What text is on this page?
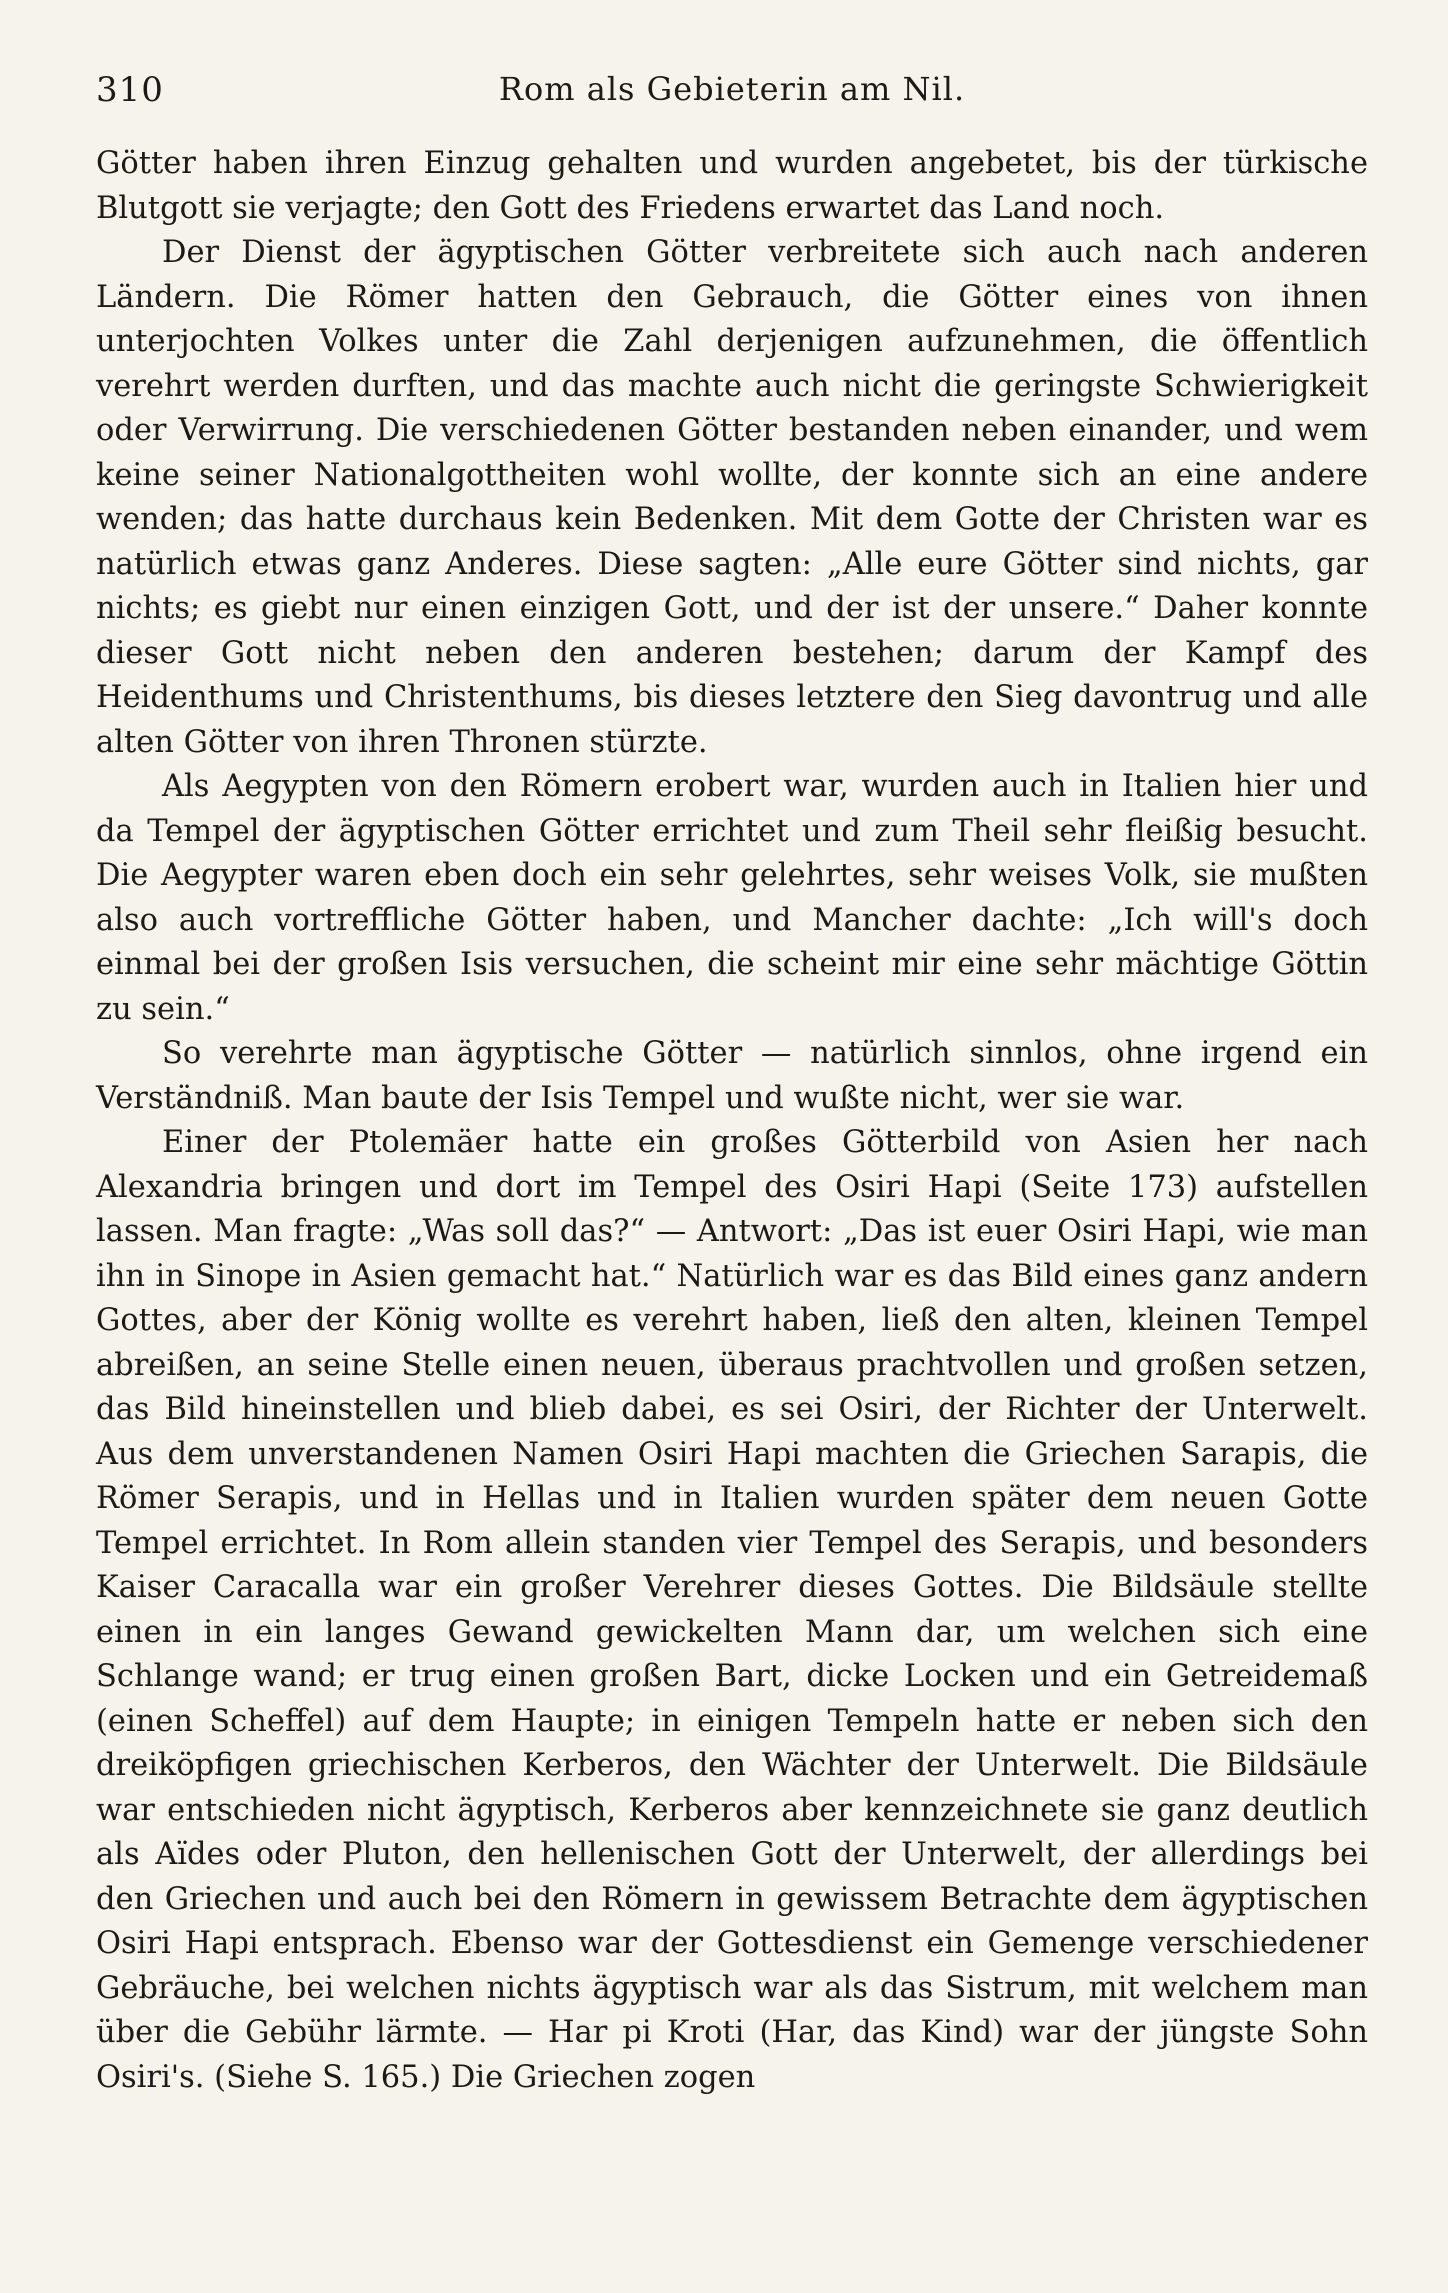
310	Rom als Gebieterin am Nil.

Götter haben ihren Einzug gehalten und wurden angebetet, bis der türkische Blutgott sie verjagte; den Gott des Friedens erwartet das Land noch.

Der Dienst der ägyptischen Götter verbreitete sich auch nach anderen Ländern. Die Römer hatten den Gebrauch, die Götter eines von ihnen unterjochten Volkes unter die Zahl derjenigen aufzunehmen, die öffentlich verehrt werden durften, und das machte auch nicht die geringste Schwierigkeit oder Verwirrung. Die verschiedenen Götter bestanden neben einander, und wem keine seiner Nationalgottheiten wohl wollte, der konnte sich an eine andere wenden; das hatte durchaus kein Bedenken. Mit dem Gotte der Christen war es natürlich etwas ganz Anderes. Diese sagten: „Alle eure Götter sind nichts, gar nichts; es giebt nur einen einzigen Gott, und der ist der unsere.“ Daher konnte dieser Gott nicht neben den anderen bestehen; darum der Kampf des Heidenthums und Christenthums, bis dieses letztere den Sieg davontrug und alle alten Götter von ihren Thronen stürzte.

Als Aegypten von den Römern erobert war, wurden auch in Italien hier und da Tempel der ägyptischen Götter errichtet und zum Theil sehr fleißig besucht. Die Aegypter waren eben doch ein sehr gelehrtes, sehr weises Volk, sie mußten also auch vortreffliche Götter haben, und Mancher dachte: „Ich will's doch einmal bei der großen Isis versuchen, die scheint mir eine sehr mächtige Göttin zu sein.“

So verehrte man ägyptische Götter — natürlich sinnlos, ohne irgend ein Verständniß. Man baute der Isis Tempel und wußte nicht, wer sie war.

Einer der Ptolemäer hatte ein großes Götterbild von Asien her nach Alexandria bringen und dort im Tempel des Osiri Hapi (Seite 173) aufstellen lassen. Man fragte: „Was soll das?“ — Antwort: „Das ist euer Osiri Hapi, wie man ihn in Sinope in Asien gemacht hat.“ Natürlich war es das Bild eines ganz andern Gottes, aber der König wollte es verehrt haben, ließ den alten, kleinen Tempel abreißen, an seine Stelle einen neuen, überaus prachtvollen und großen setzen, das Bild hineinstellen und blieb dabei, es sei Osiri, der Richter der Unterwelt. Aus dem unverstandenen Namen Osiri Hapi machten die Griechen Sarapis, die Römer Serapis, und in Hellas und in Italien wurden später dem neuen Gotte Tempel errichtet. In Rom allein standen vier Tempel des Serapis, und besonders Kaiser Caracalla war ein großer Verehrer dieses Gottes. Die Bildsäule stellte einen in ein langes Gewand gewickelten Mann dar, um welchen sich eine Schlange wand; er trug einen großen Bart, dicke Locken und ein Getreidemaß (einen Scheffel) auf dem Haupte; in einigen Tempeln hatte er neben sich den dreiköpfigen griechischen Kerberos, den Wächter der Unterwelt. Die Bildsäule war entschieden nicht ägyptisch, Kerberos aber kennzeichnete sie ganz deutlich als Aïdes oder Pluton, den hellenischen Gott der Unterwelt, der allerdings bei den Griechen und auch bei den Römern in gewissem Betrachte dem ägyptischen Osiri Hapi entsprach. Ebenso war der Gottesdienst ein Gemenge verschiedener Gebräuche, bei welchen nichts ägyptisch war als das Sistrum, mit welchem man über die Gebühr lärmte. — Har pi Kroti (Har, das Kind) war der jüngste Sohn Osiri's. (Siehe S. 165.) Die Griechen zogen
